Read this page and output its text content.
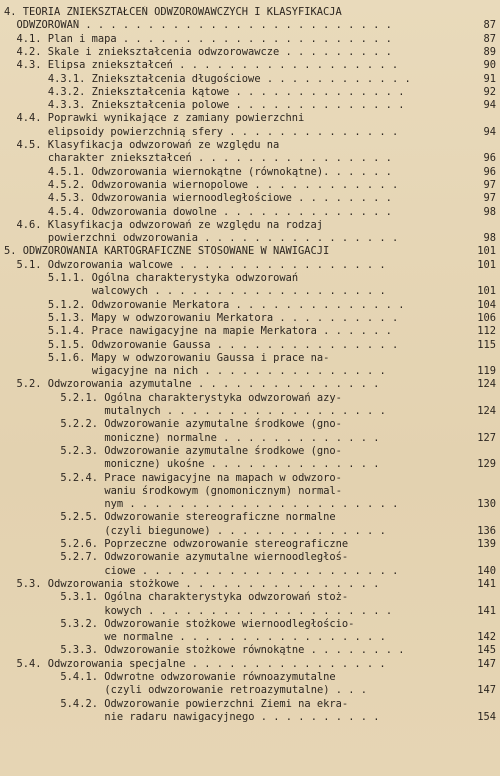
4. TEORIA ZNIEKSZTAŁCEŃ ODWZOROWAWCZYCH I KLASYFIKACJA
ODWZOROWAŃ . . . . . . . . . . . . . . . . . . . . . . . . .	87
4.1. Plan i mapa . . . . . . . . . . . . . . . . . . . . . .	87
4.2. Skale i zniekształcenia odwzorowawcze . . . . . . . . .	89
4.3. Elipsa zniekształceń . . . . . . . . . . . . . . . . . .	90
4.3.1. Zniekształcenia długościowe . . . . . . . . . . . .	91
4.3.2. Zniekształcenia kątowe . . . . . . . . . . . . . .	92
4.3.3. Zniekształcenia polowe . . . . . . . . . . . . . .	94
4.4. Poprawki wynikające z zamiany powierzchni
elipsoidy powierzchnią sfery . . . . . . . . . . . . . .	94
4.5. Klasyfikacja odwzorowań ze względu na
charakter zniekształceń . . . . . . . . . . . . . . . .	96
4.5.1. Odwzorowania wiernokątne (równokątne). . . . . .	96
4.5.2. Odwzorowania wiernopolowe . . . . . . . . . . . .	97
4.5.3. Odwzorowania wiernoodległościowe . . . . . . . .	97
4.5.4. Odwzorowania dowolne . . . . . . . . . . . . . .	98
4.6. Klasyfikacja odwzorowań ze względu na rodzaj
powierzchni odwzorowania . . . . . . . . . . . . . . . .	98
5. ODWZOROWANIA KARTOGRAFICZNE STOSOWANE W NAWIGACJI	101
5.1. Odwzorowania walcowe . . . . . . . . . . . . . . . . .	101
5.1.1. Ogólna charakterystyka odwzorowań
walcowych . . . . . . . . . . . . . . . . . . .	101
5.1.2. Odwzorowanie Merkatora . . . . . . . . . . . . . .	104
5.1.3. Mapy w odwzorowaniu Merkatora . . . . . . . . . .	106
5.1.4. Prace nawigacyjne na mapie Merkatora . . . . . .	112
5.1.5. Odwzorowanie Gaussa . . . . . . . . . . . . . . .	115
5.1.6. Mapy w odwzorowaniu Gaussa i prace na-
wigacyjne na nich . . . . . . . . . . . . . . .	119
5.2. Odwzorowania azymutalne . . . . . . . . . . . . . . .	124
5.2.1. Ogólna charakterystyka odwzorowań azy-
mutalnych . . . . . . . . . . . . . . . . . .	124
5.2.2. Odwzorowanie azymutalne środkowe (gno-
moniczne) normalne . . . . . . . . . . . . .	127
5.2.3. Odwzorowanie azymutalne środkowe (gno-
moniczne) ukośne . . . . . . . . . . . . . .	129
5.2.4. Prace nawigacyjne na mapach w odwzoro-
waniu środkowym (gnomonicznym) normal-
nym . . . . . . . . . . . . . . . . . . . . . .	130
5.2.5. Odwzorowanie stereograficzne normalne
(czyli biegunowe) . . . . . . . . . . . . . .	136
5.2.6. Poprzeczne odwzorowanie stereograficzne	139
5.2.7. Odwzorowanie azymutalne wiernoodległoś-
ciowe . . . . . . . . . . . . . . . . . . . . .	140
5.3. Odwzorowania stożkowe . . . . . . . . . . . . . . . .	141
5.3.1. Ogólna charakterystyka odwzorowań stoż-
kowych . . . . . . . . . . . . . . . . . . . .	141
5.3.2. Odwzorowanie stożkowe wiernoodległościo-
we normalne . . . . . . . . . . . . . . . . .	142
5.3.3. Odwzorowanie stożkowe równokątne . . . . . . . .	145
5.4. Odwzorowania specjalne . . . . . . . . . . . . . . . .	147
5.4.1. Odwrotne odwzorowanie równoazymutalne
(czyli odwzorowanie retroazymutalne) . . .	147
5.4.2. Odwzorowanie powierzchni Ziemi na ekra-
nie radaru nawigacyjnego . . . . . . . . . .	154
